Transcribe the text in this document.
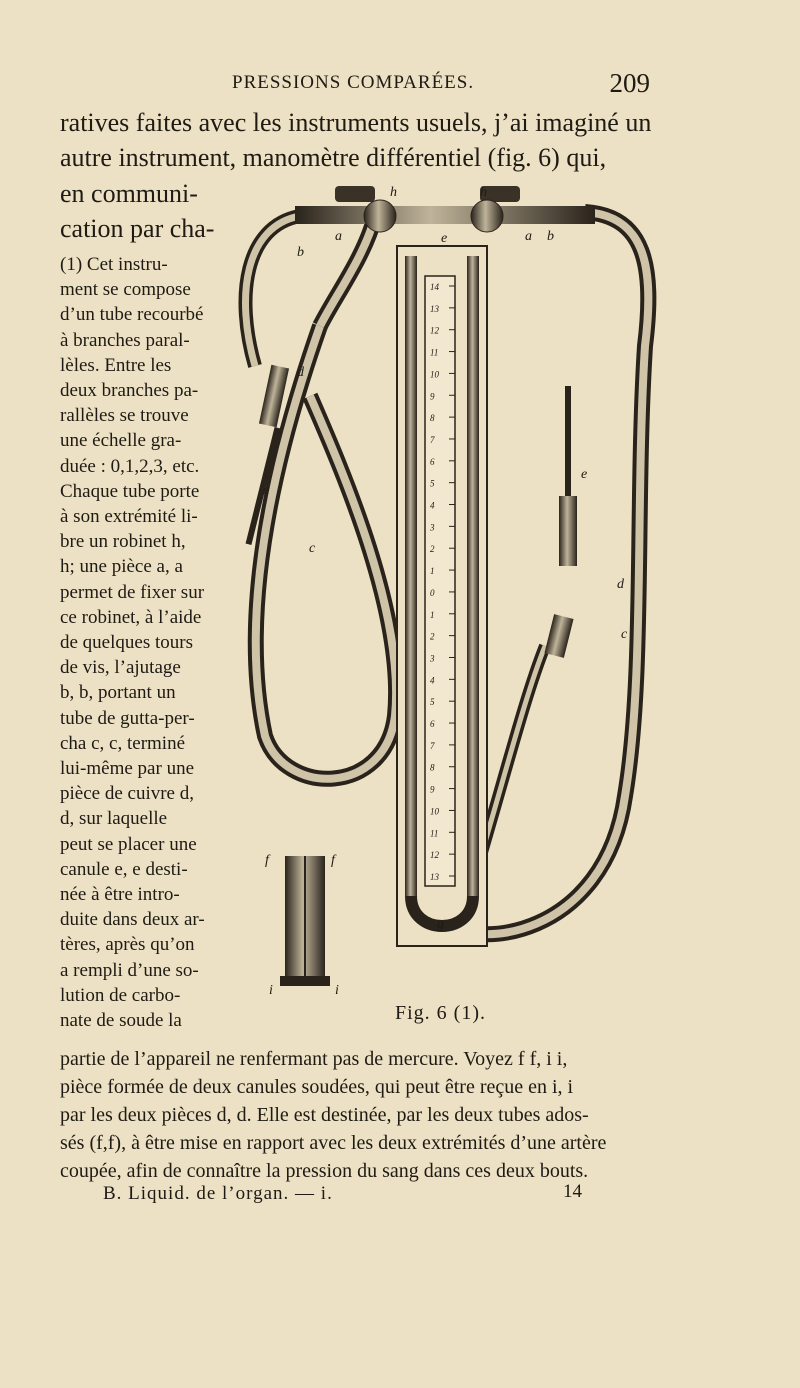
PRESSIONS COMPARÉES.	209
ratives faites avec les instruments usuels, j’ai imaginé un
autre instrument, manomètre différentiel (fig. 6) qui,
en communi-
cation par cha-
(1) Cet instru-
ment se compose
d’un tube recourbé
à branches paral-
lèles. Entre les
deux branches pa-
rallèles se trouve
une échelle gra-
duée : 0,1,2,3, etc.
Chaque tube porte
à son extrémité li-
bre un robinet h,
h; une pièce a, a
permet de fixer sur
ce robinet, à l’aide
de quelques tours
de vis, l’ajutage
b, b, portant un
tube de gutta-per-
cha c, c, terminé
lui-même par une
pièce de cuivre d,
d, sur laquelle
peut se placer une
canule e, e desti-
née à être intro-
duite dans deux ar-
tères, après qu’on
a rempli d’une so-
lution de carbo-
nate de soude la
partie de l’appareil ne renfermant pas de mercure. Voyez f f, i i,
pièce formée de deux canules soudées, qui peut être reçue en i, i
par les deux pièces d, d. Elle est destinée, par les deux tubes ados-
sés (f,f), à être mise en rapport avec les deux extrémités d’une artère
coupée, afin de connaître la pression du sang dans ces deux bouts.
14
13
12
11
10
9
8
7
6
5
4
3
2
1
0
1
2
3
4
5
6
7
8
9
10
11
12
13
h	h
b
a	a b
d
d
e
e
c
c
f	f
i	i
g
e
Fig. 6 (1).
B. Liquid. de l’organ. — i.	14
